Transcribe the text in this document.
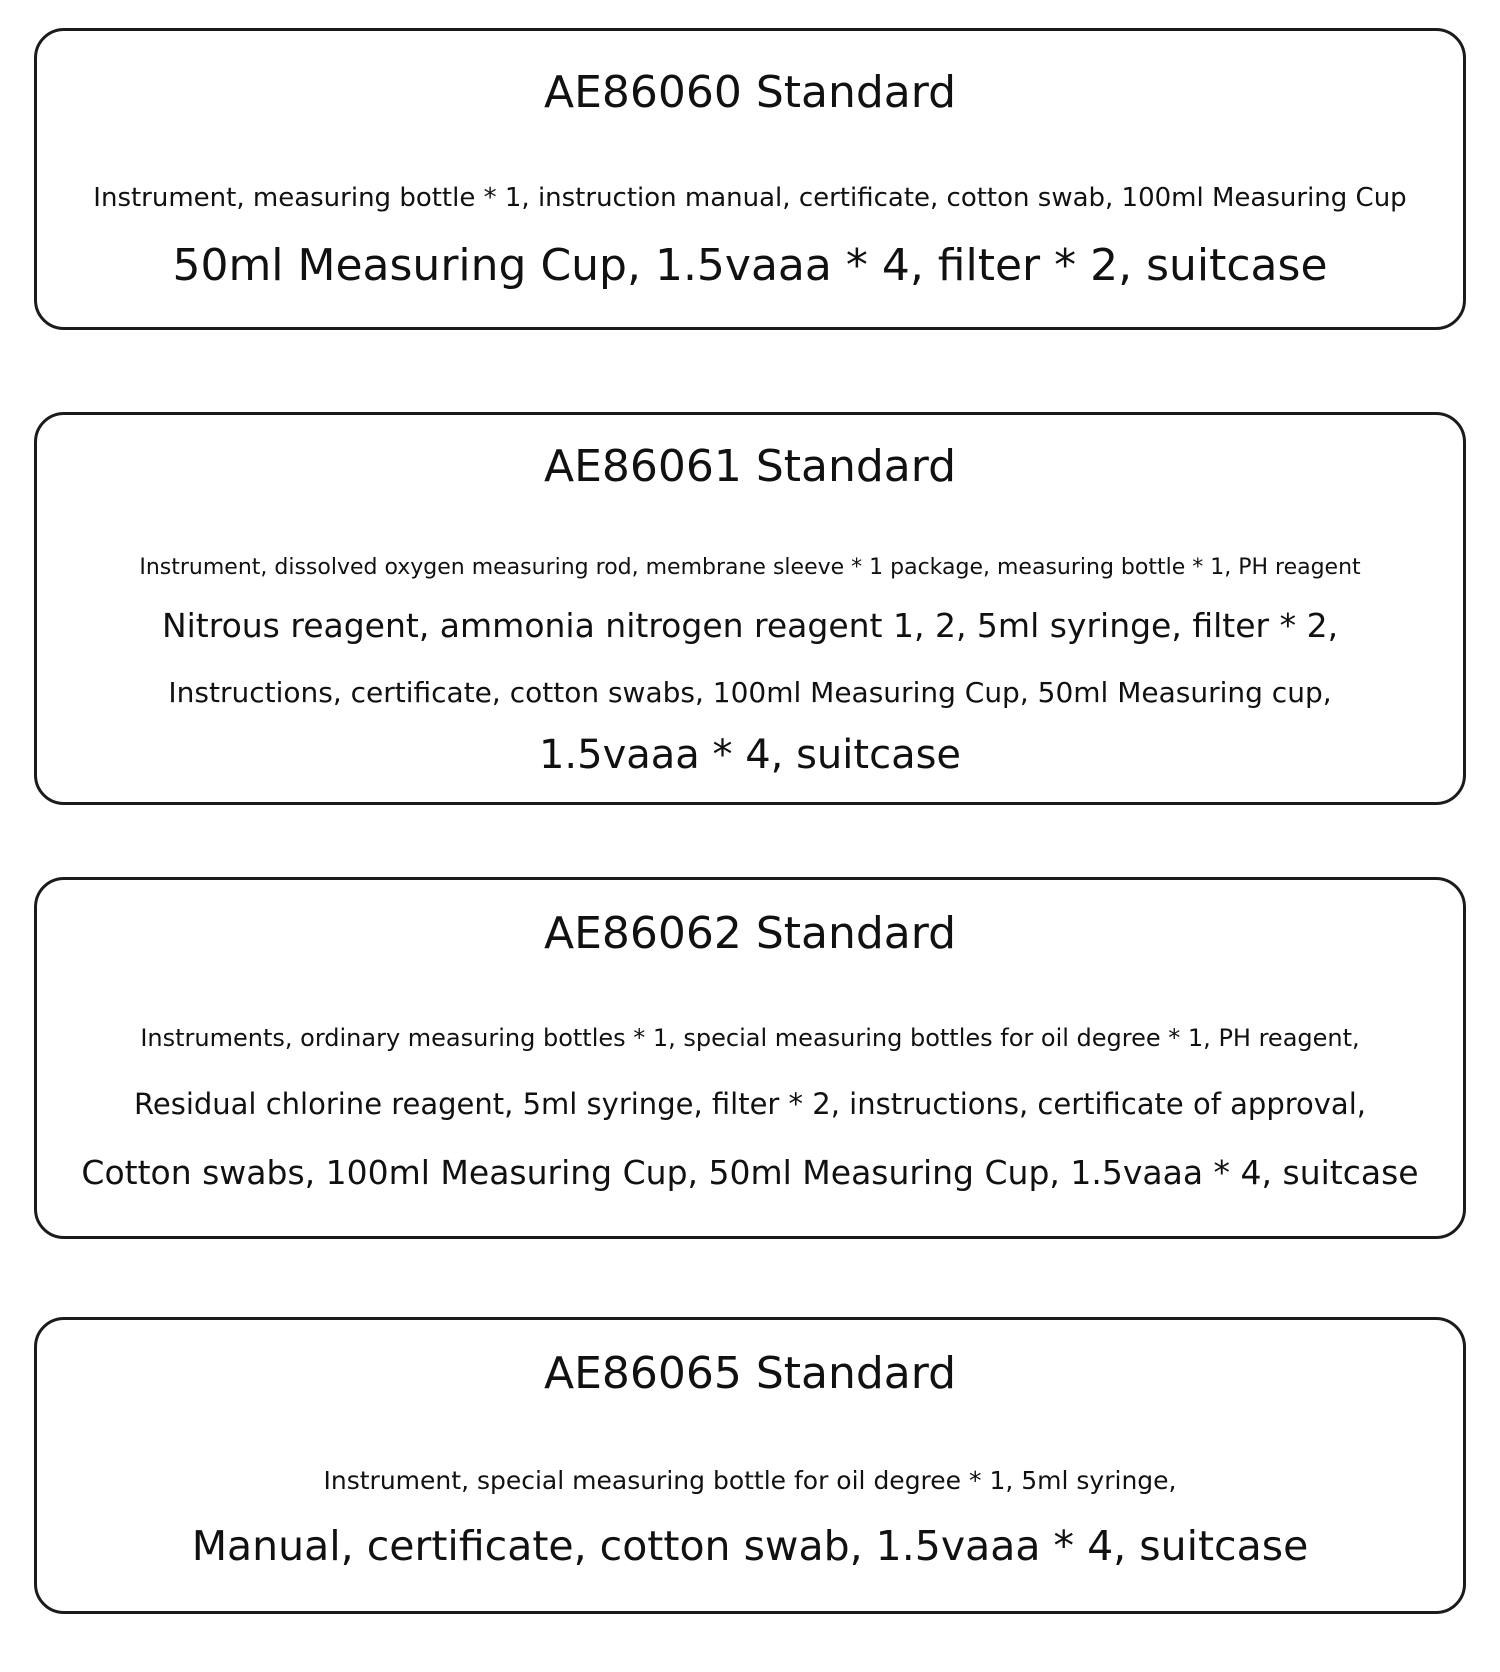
AE86060 Standard
Instrument, measuring bottle * 1, instruction manual, certificate, cotton swab, 100ml Measuring Cup
50ml Measuring Cup, 1.5vaaa * 4, filter * 2, suitcase
AE86061 Standard
Instrument, dissolved oxygen measuring rod, membrane sleeve * 1 package, measuring bottle * 1, PH reagent
Nitrous reagent, ammonia nitrogen reagent 1, 2, 5ml syringe, filter * 2,
Instructions, certificate, cotton swabs, 100ml Measuring Cup, 50ml Measuring cup,
1.5vaaa * 4, suitcase
AE86062 Standard
Instruments, ordinary measuring bottles * 1, special measuring bottles for oil degree * 1, PH reagent,
Residual chlorine reagent, 5ml syringe, filter * 2, instructions, certificate of approval,
Cotton swabs, 100ml Measuring Cup, 50ml Measuring Cup, 1.5vaaa * 4, suitcase
AE86065 Standard
Instrument, special measuring bottle for oil degree * 1, 5ml syringe,
Manual, certificate, cotton swab, 1.5vaaa * 4, suitcase
